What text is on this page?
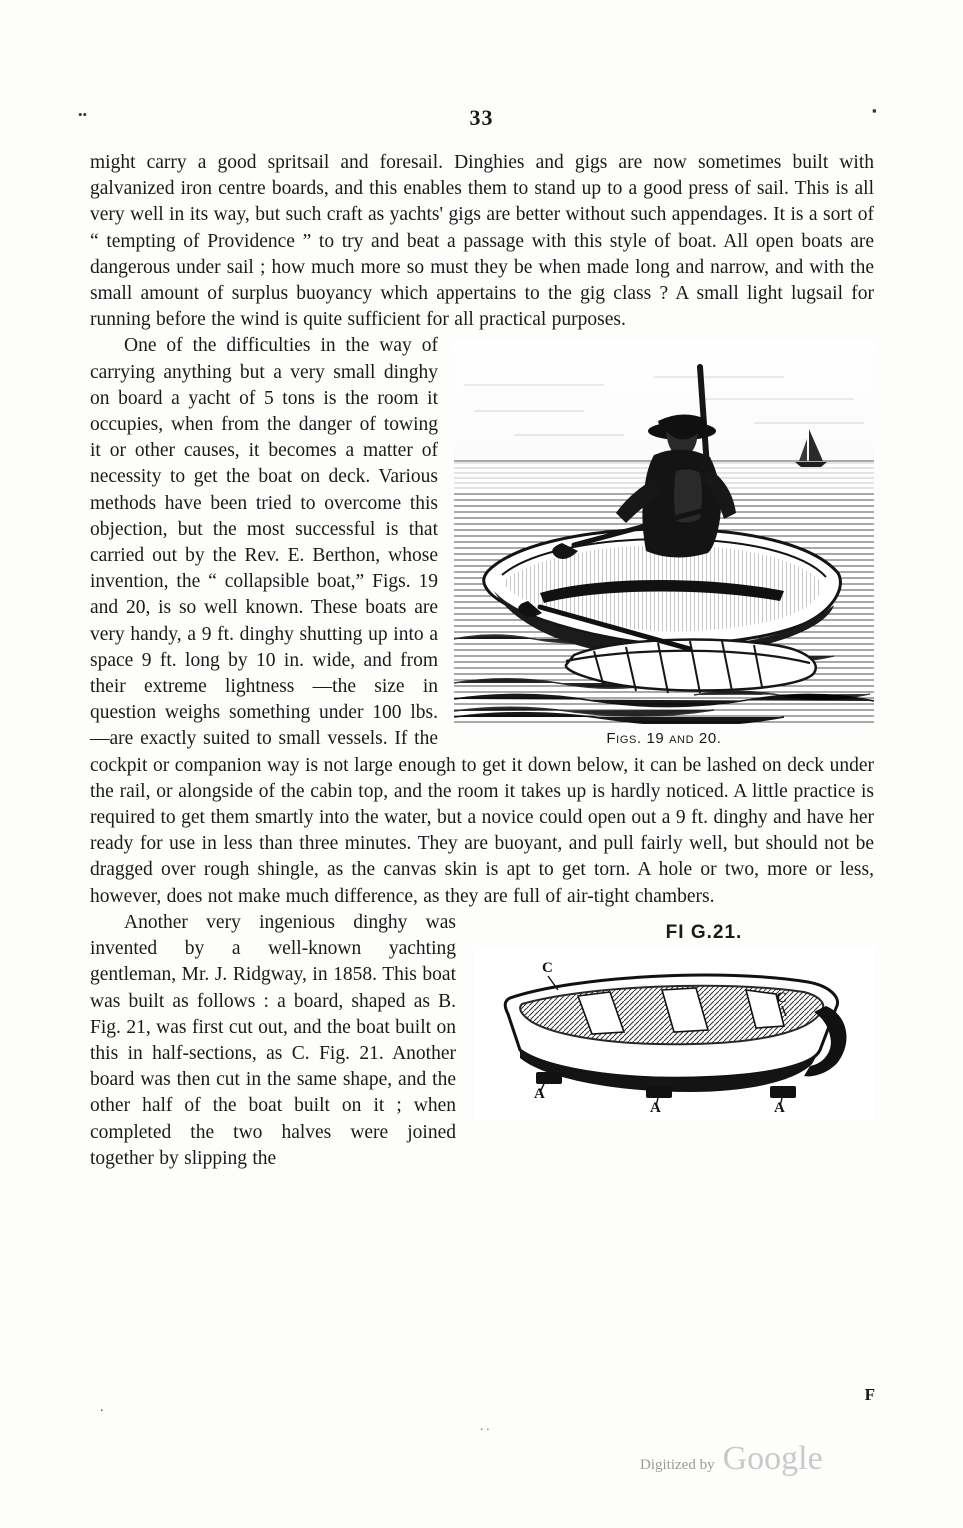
••	▪
33

might carry a good spritsail and foresail. Dinghies and gigs are now sometimes built with galvanized iron centre boards, and this enables them to stand up to a good press of sail. This is all very well in its way, but such craft as yachts' gigs are better without such appendages. It is a sort of “ tempting of Providence ” to try and beat a passage with this style of boat. All open boats are dangerous under sail ; how much more so must they be when made long and narrow, and with the small amount of surplus buoyancy which appertains to the gig class ? A small light lugsail for running before the wind is quite sufficient for all practical purposes.

Figs. 19 and 20.

One of the difficulties in the way of carrying anything but a very small dinghy on board a yacht of 5 tons is the room it occupies, when from the danger of towing it or other causes, it becomes a matter of necessity to get the boat on deck. Various methods have been tried to overcome this objection, but the most successful is that carried out by the Rev. E. Berthon, whose invention, the “ collapsible boat,” Figs. 19 and 20, is so well known. These boats are very handy, a 9 ft. dinghy shutting up into a space 9 ft. long by 10 in. wide, and from their extreme lightness —the size in question weighs something under 100 lbs.—are exactly suited to small vessels. If the cockpit or companion way is not large enough to get it down below, it can be lashed on deck under the rail, or alongside of the cabin top, and the room it takes up is hardly noticed. A little practice is required to get them smartly into the water, but a novice could open out a 9 ft. dinghy and have her ready for use in less than three minutes. They are buoyant, and pull fairly well, but should not be dragged over rough shingle, as the canvas skin is apt to get torn. A hole or two, more or less, however, does not make much difference, as they are full of air-tight chambers.

FI G.21.
C
C
A
A	A

Another very ingenious dinghy was invented by a well-known yachting gentleman, Mr. J. Ridgway, in 1858. This boat was built as follows : a board, shaped as B. Fig. 21, was first cut out, and the boat built on this in half-sections, as C. Fig. 21. Another board was then cut in the same shape, and the other half of the boat built on it ; when completed the two halves were joined together by slipping the

.
..
F
Digitized by Google
